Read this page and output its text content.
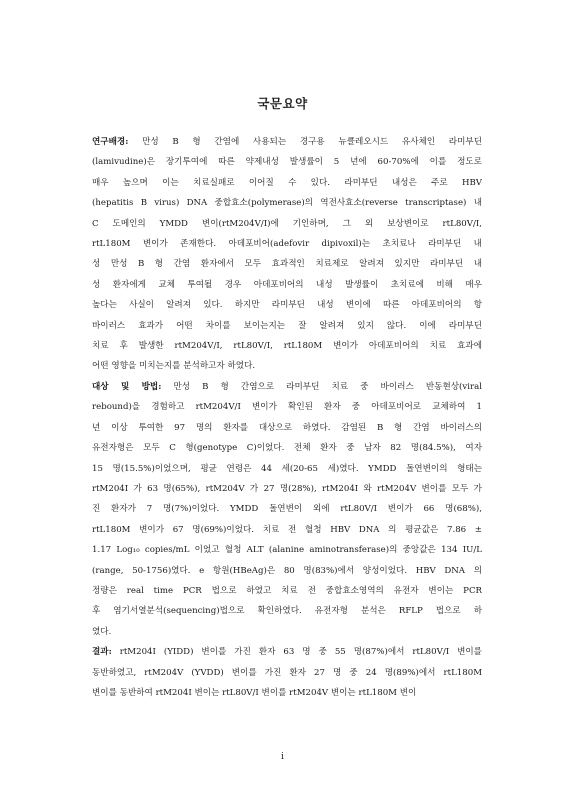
국문요약
연구배경: 만성 B 형 간염에 사용되는 경구용 뉴클레오시드 유사체인 라미부딘
(lamivudine)은 장기투여에 따른 약제내성 발생률이 5 년에 60-70%에 이를 정도로
매우 높으며 이는 치료실패로 이어질 수 있다. 라미부딘 내성은 주로 HBV
(hepatitis B virus) DNA 중합효소(polymerase)의 역전사효소(reverse transcriptase) 내
C 도메인의 YMDD 변이(rtM204V/I)에 기인하며, 그 외 보상변이로 rtL80V/I,
rtL180M 변이가 존재한다. 아데포비어(adefovir dipivoxil)는 초치료나 라미부딘 내
성 만성 B 형 간염 환자에서 모두 효과적인 치료제로 알려져 있지만 라미부딘 내
성 환자에게 교체 투여될 경우 아데포비어의 내성 발생률이 초치료에 비해 매우
높다는 사실이 알려져 있다. 하지만 라미부딘 내성 변이에 따른 아데포비어의 항
바이러스 효과가 어떤 차이를 보이는지는 잘 알려져 있지 않다. 이에 라미부딘
치료 후 발생한 rtM204V/I, rtL80V/I, rtL180M 변이가 아데포비어의 치료 효과에
어떤 영향을 미치는지를 분석하고자 하였다.
대상 및 방법: 만성 B 형 간염으로 라미부딘 치료 중 바이러스 반동현상(viral
rebound)을 경험하고 rtM204V/I 변이가 확인된 환자 중 아데포비어로 교체하여 1
년 이상 투여한 97 명의 환자를 대상으로 하였다. 감염된 B 형 간염 바이러스의
유전자형은 모두 C 형(genotype C)이었다. 전체 환자 중 남자 82 명(84.5%), 여자
15 명(15.5%)이었으며, 평균 연령은 44 세(20-65 세)였다. YMDD 돌연변이의 형태는
rtM204I 가 63 명(65%), rtM204V 가 27 명(28%), rtM204I 와 rtM204V 변이를 모두 가
진 환자가 7 명(7%)이었다. YMDD 돌연변이 외에 rtL80V/I 변이가 66 명(68%),
rtL180M 변이가 67 명(69%)이었다. 치료 전 혈청 HBV DNA 의 평균값은 7.86 ±
1.17 Log₁₀ copies/mL 이었고 혈청 ALT (alanine aminotransferase)의 중앙값은 134 IU/L
(range, 50-1756)였다. e 항원(HBeAg)은 80 명(83%)에서 양성이었다. HBV DNA 의
정량은 real time PCR 법으로 하였고 치료 전 중합효소영역의 유전자 변이는 PCR
후 염기서열분석(sequencing)법으로 확인하였다. 유전자형 분석은 RFLP 법으로 하
였다.
결과: rtM204I (YIDD) 변이를 가진 환자 63 명 중 55 명(87%)에서 rtL80V/I 변이를
동반하였고, rtM204V (YVDD) 변이를 가진 환자 27 명 중 24 명(89%)에서 rtL180M
변이를 동반하여 rtM204I 변이는 rtL80V/I 변이를 rtM204V 변이는 rtL180M 변이
i
